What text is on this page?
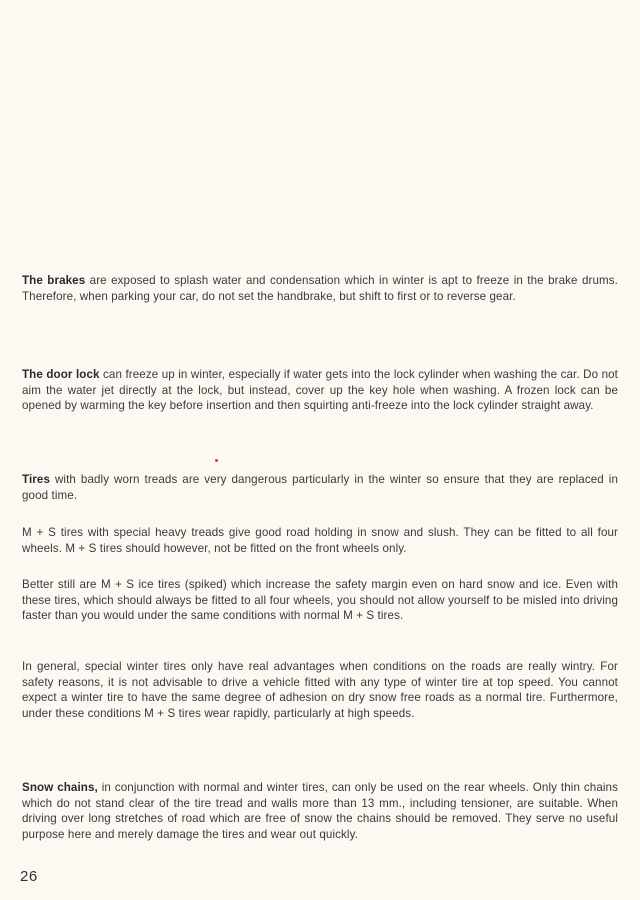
The brakes are exposed to splash water and condensation which in winter is apt to freeze in the brake drums. Therefore, when parking your car, do not set the handbrake, but shift to first or to reverse gear.

The door lock can freeze up in winter, especially if water gets into the lock cylinder when washing the car. Do not aim the water jet directly at the lock, but instead, cover up the key hole when washing. A frozen lock can be opened by warming the key before insertion and then squirting anti-freeze into the lock cylinder straight away.

Tires with badly worn treads are very dangerous particularly in the winter so ensure that they are replaced in good time.

M + S tires with special heavy treads give good road holding in snow and slush. They can be fitted to all four wheels. M + S tires should however, not be fitted on the front wheels only.

Better still are M + S ice tires (spiked) which increase the safety margin even on hard snow and ice. Even with these tires, which should always be fitted to all four wheels, you should not allow yourself to be misled into driving faster than you would under the same conditions with normal M + S tires.

In general, special winter tires only have real advantages when conditions on the roads are really wintry. For safety reasons, it is not advisable to drive a vehicle fitted with any type of winter tire at top speed. You cannot expect a winter tire to have the same degree of adhesion on dry snow free roads as a normal tire. Furthermore, under these conditions M + S tires wear rapidly, particularly at high speeds.

Snow chains, in conjunction with normal and winter tires, can only be used on the rear wheels. Only thin chains which do not stand clear of the tire tread and walls more than 13 mm., including tensioner, are suitable. When driving over long stretches of road which are free of snow the chains should be removed. They serve no useful purpose here and merely damage the tires and wear out quickly.

26
